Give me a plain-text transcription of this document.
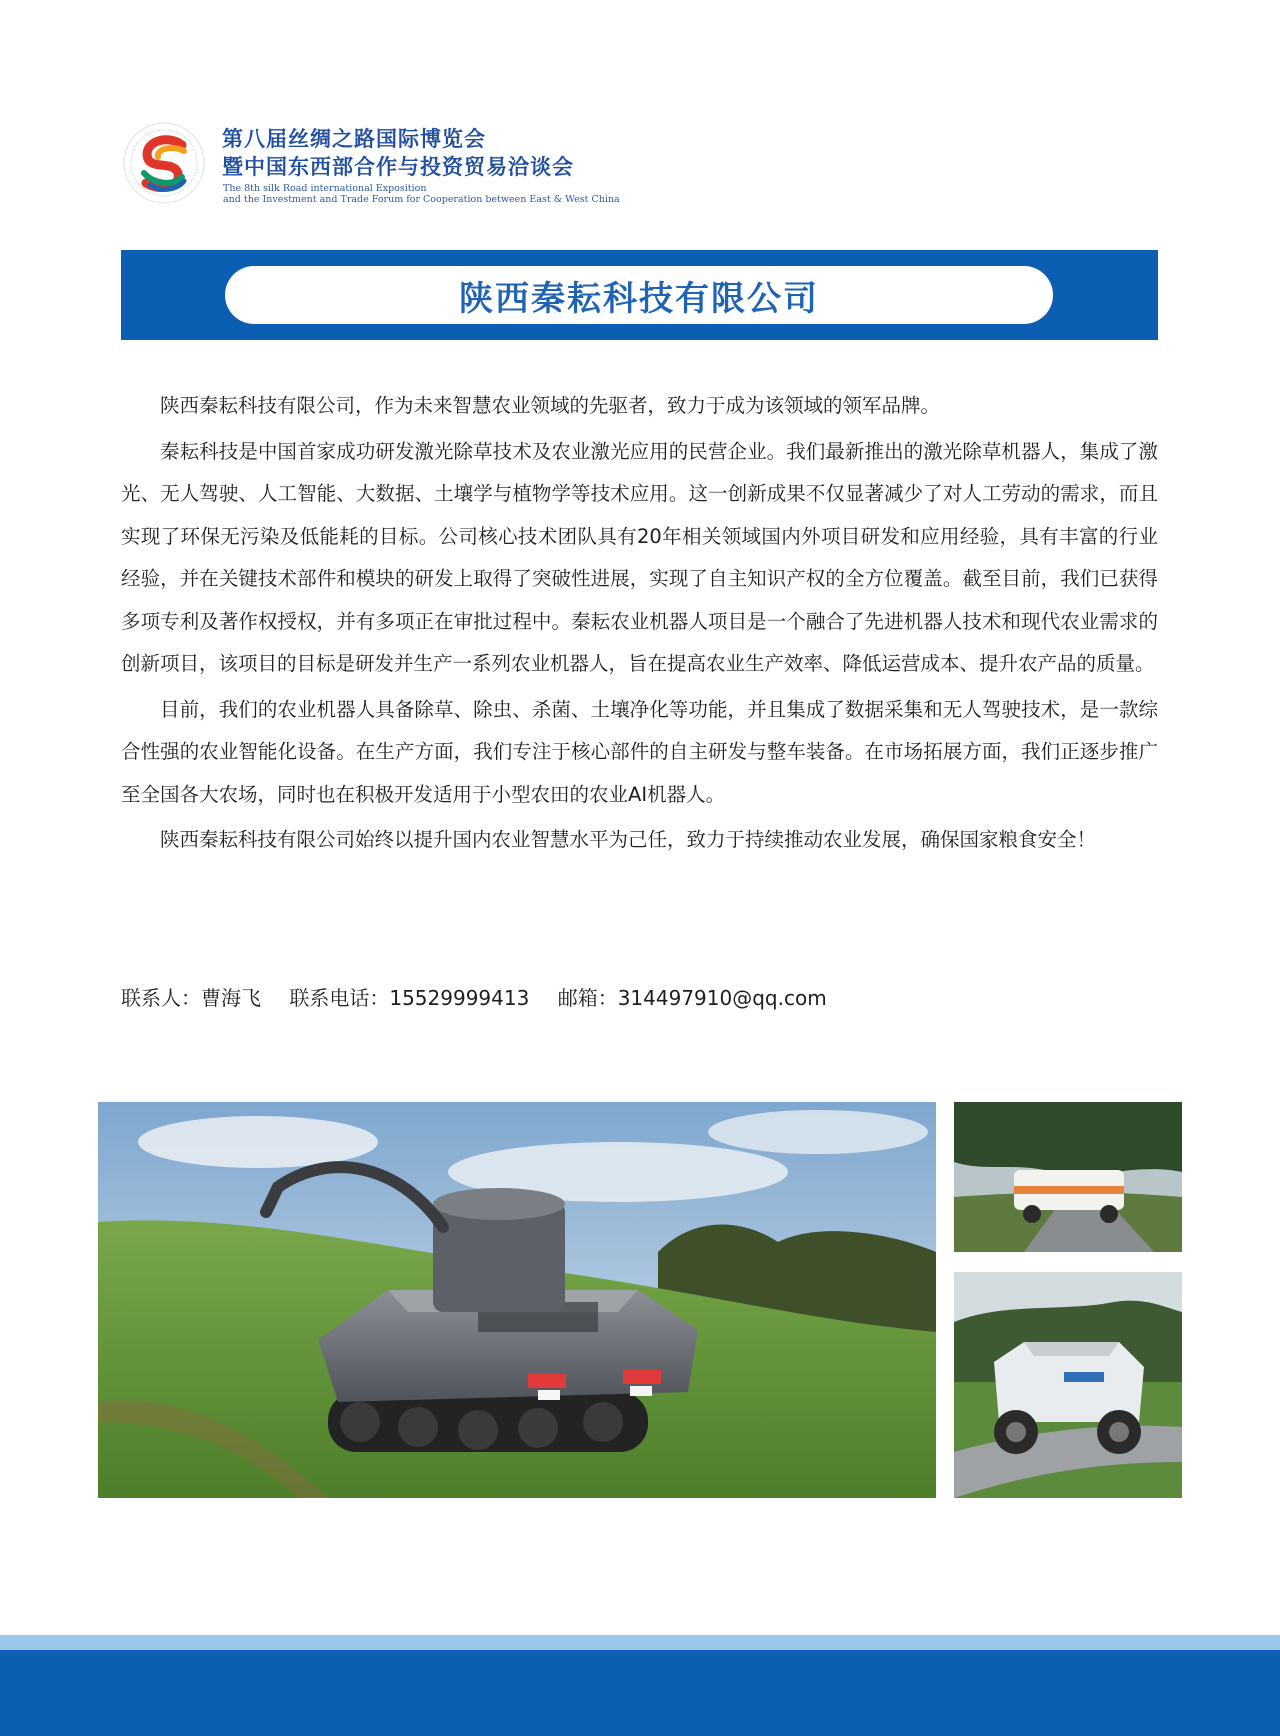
第八届丝绸之路国际博览会
暨中国东西部合作与投资贸易洽谈会
The 8th silk Road international Exposition
and the Investment and Trade Forum for Cooperation between East & West China
陕西秦耘科技有限公司

陕西秦耘科技有限公司，作为未来智慧农业领域的先驱者，致力于成为该领域的领军品牌。

秦耘科技是中国首家成功研发激光除草技术及农业激光应用的民营企业。我们最新推出的激光除草机器人，集成了激光、无人驾驶、人工智能、大数据、土壤学与植物学等技术应用。这一创新成果不仅显著减少了对人工劳动的需求，而且实现了环保无污染及低能耗的目标。公司核心技术团队具有20年相关领域国内外项目研发和应用经验，具有丰富的行业经验，并在关键技术部件和模块的研发上取得了突破性进展，实现了自主知识产权的全方位覆盖。截至目前，我们已获得多项专利及著作权授权，并有多项正在审批过程中。秦耘农业机器人项目是一个融合了先进机器人技术和现代农业需求的创新项目，该项目的目标是研发并生产一系列农业机器人，旨在提高农业生产效率、降低运营成本、提升农产品的质量。

目前，我们的农业机器人具备除草、除虫、杀菌、土壤净化等功能，并且集成了数据采集和无人驾驶技术，是一款综合性强的农业智能化设备。在生产方面，我们专注于核心部件的自主研发与整车装备。在市场拓展方面，我们正逐步推广至全国各大农场，同时也在积极开发适用于小型农田的农业AI机器人。

陕西秦耘科技有限公司始终以提升国内农业智慧水平为己任，致力于持续推动农业发展，确保国家粮食安全！

联系人：曹海飞 联系电话：15529999413 邮箱：314497910@qq.com
